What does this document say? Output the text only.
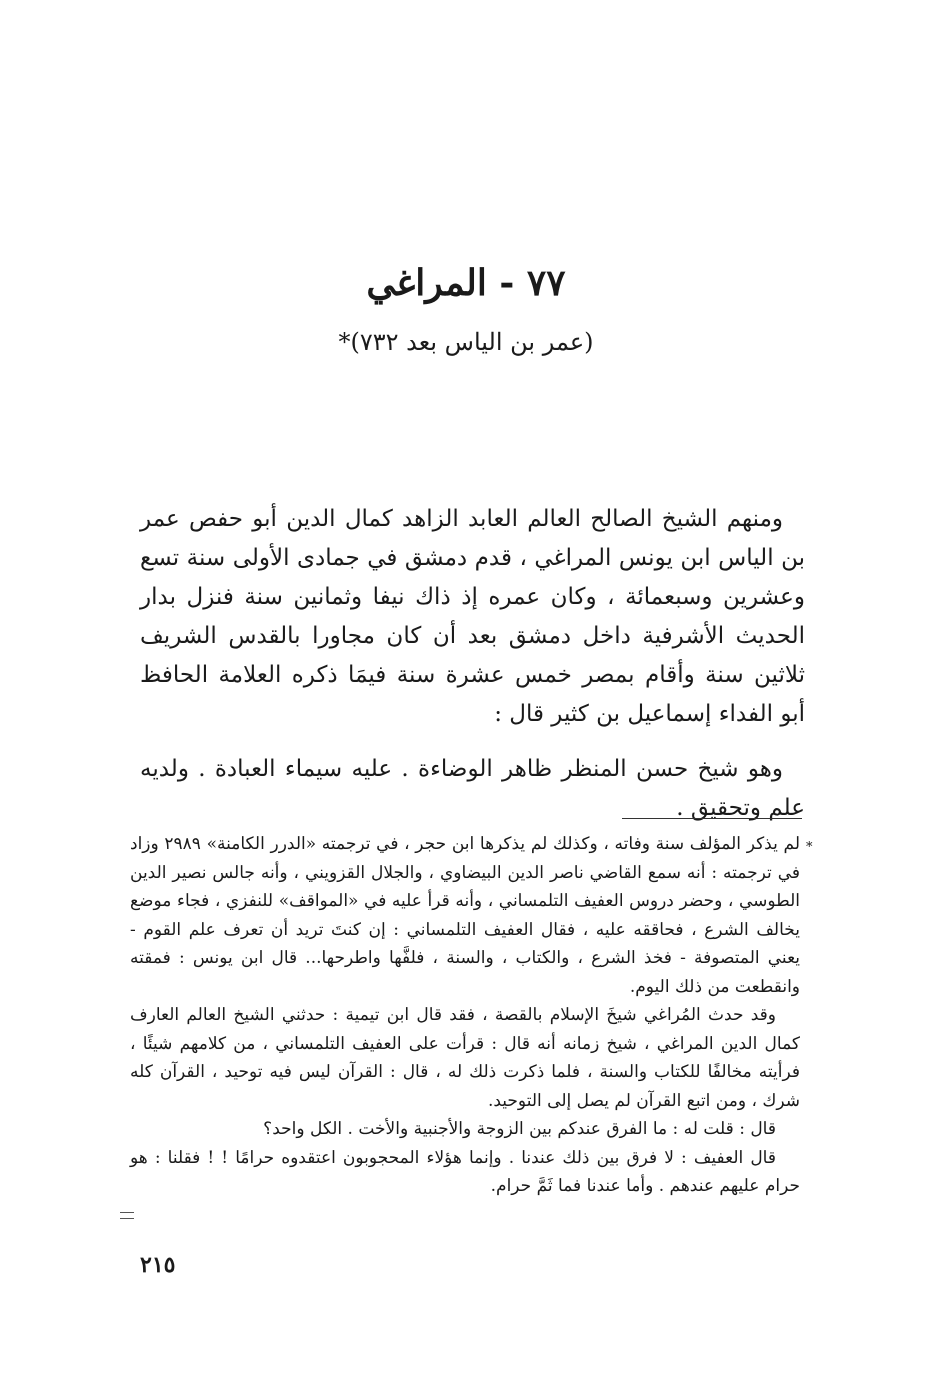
٧٧ - المراغي
(عمر بن الياس بعد ٧٣٢)*

ومنهم الشيخ الصالح العالم العابد الزاهد كمال الدين أبو حفص عمر بن الياس ابن يونس المراغي ، قدم دمشق في جمادى الأولى سنة تسع وعشرين وسبعمائة ، وكان عمره إذ ذاك نيفا وثمانين سنة فنزل بدار الحديث الأشرفية داخل دمشق بعد أن كان مجاورا بالقدس الشريف ثلاثين سنة وأقام بمصر خمس عشرة سنة فيمَا ذكره العلامة الحافظ أبو الفداء إسماعيل بن كثير قال :

وهو شيخ حسن المنظر ظاهر الوضاءة . عليه سيماء العبادة . ولديه علم وتحقيق .

*

لم يذكر المؤلف سنة وفاته ، وكذلك لم يذكرها ابن حجر ، في ترجمته «الدرر الكامنة» ٢٩٨٩ وزاد في ترجمته : أنه سمع القاضي ناصر الدين البيضاوي ، والجلال القزويني ، وأنه جالس نصير الدين الطوسي ، وحضر دروس العفيف التلمساني ، وأنه قرأ عليه في «المواقف» للنفزي ، فجاء موضع يخالف الشرع ، فحاققه عليه ، فقال العفيف التلمساني : إن كنتَ تريد أن تعرف علم القوم - يعني المتصوفة - فخذ الشرع ، والكتاب ، والسنة ، فلفَّها واطرحها... قال ابن يونس : فمقته وانقطعت من ذلك اليوم.

وقد حدث المُراغي شيخَ الإسلام بالقصة ، فقد قال ابن تيمية : حدثني الشيخ العالم العارف كمال الدين المراغي ، شيخ زمانه أنه قال : قرأت على العفيف التلمساني ، من كلامهم شيئًا ، فرأيته مخالفًا للكتاب والسنة ، فلما ذكرت ذلك له ، قال : القرآن ليس فيه توحيد ، القرآن كله شرك ، ومن اتبع القرآن لم يصل إلى التوحيد.

قال : قلت له : ما الفرق عندكم بين الزوجة والأجنبية والأخت . الكل واحد؟

قال العفيف : لا فرق بين ذلك عندنا . وإنما هؤلاء المحجوبون اعتقدوه حرامًا ! ! فقلنا : هو حرام عليهم عندهم . وأما عندنا فما ثَمَّ حرام.

٢١٥
